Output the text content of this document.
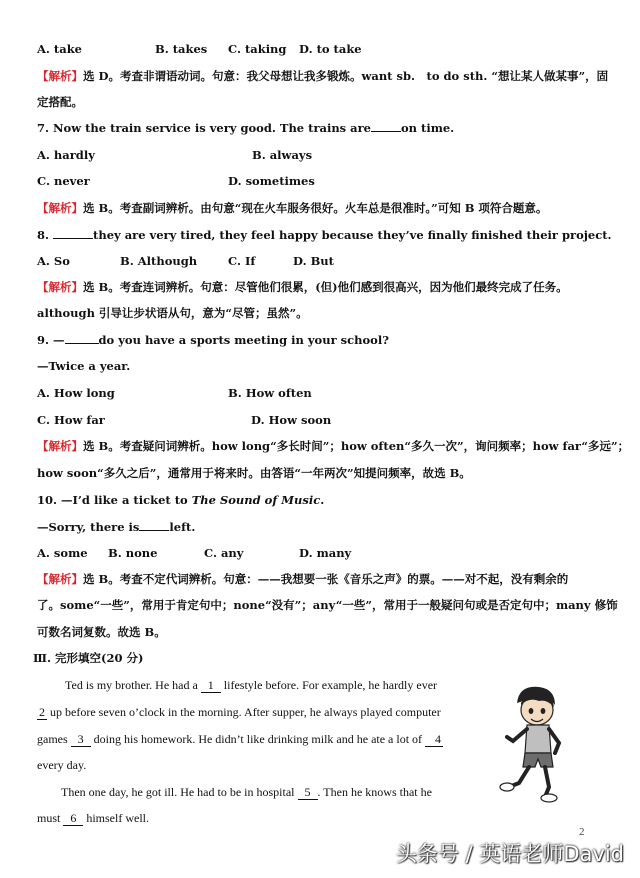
A. take	B. takes C. taking D. to take
【解析】选 D。考查非谓语动词。句意：我父母想让我多锻炼。want sb.　to do sth. “想让某人做某事”，固
定搭配。
7. Now the train service is very good. The trains are	on time.
A. hardly	B. always
C. never	D. sometimes
【解析】选 B。考查副词辨析。由句意“现在火车服务很好。火车总是很准时。”可知 B 项符合题意。
8.	they are very tired, they feel happy because they’ve finally finished their project.
A. So	B. Although	C. If	D. But
【解析】选 B。考查连词辨析。句意：尽管他们很累，(但)他们感到很高兴，因为他们最终完成了任务。
although 引导让步状语从句，意为“尽管；虽然”。
9. —	do you have a sports meeting in your school?
—Twice a year.
A. How long	B. How often
C. How far	D. How soon
【解析】选 B。考查疑问词辨析。how long“多长时间”；how often“多久一次”，询问频率；how far“多远”；
how soon“多久之后”，通常用于将来时。由答语“一年两次”知提问频率，故选 B。
10. —I’d like a ticket to The Sound of Music.
—Sorry, there is	left.
A. some B. none	C. any	D. many
【解析】选 B。考查不定代词辨析。句意：——我想要一张《音乐之声》的票。——对不起，没有剩余的
了。some“一些”，常用于肯定句中；none“没有”；any“一些”，常用于一般疑问句或是否定句中；many 修饰
可数名词复数。故选 B。
Ⅲ. 完形填空(20 分)
Ted is my brother. He had a 1 lifestyle before. For example, he hardly ever
2 up before seven o’clock in the morning. After supper, he always played computer
games 3 doing his homework. He didn’t like drinking milk and he ate a lot of 4
every day.
Then one day, he got ill. He had to be in hospital 5 . Then he knows that he
must 6 himself well.
2
头条号 / 英语老师David
